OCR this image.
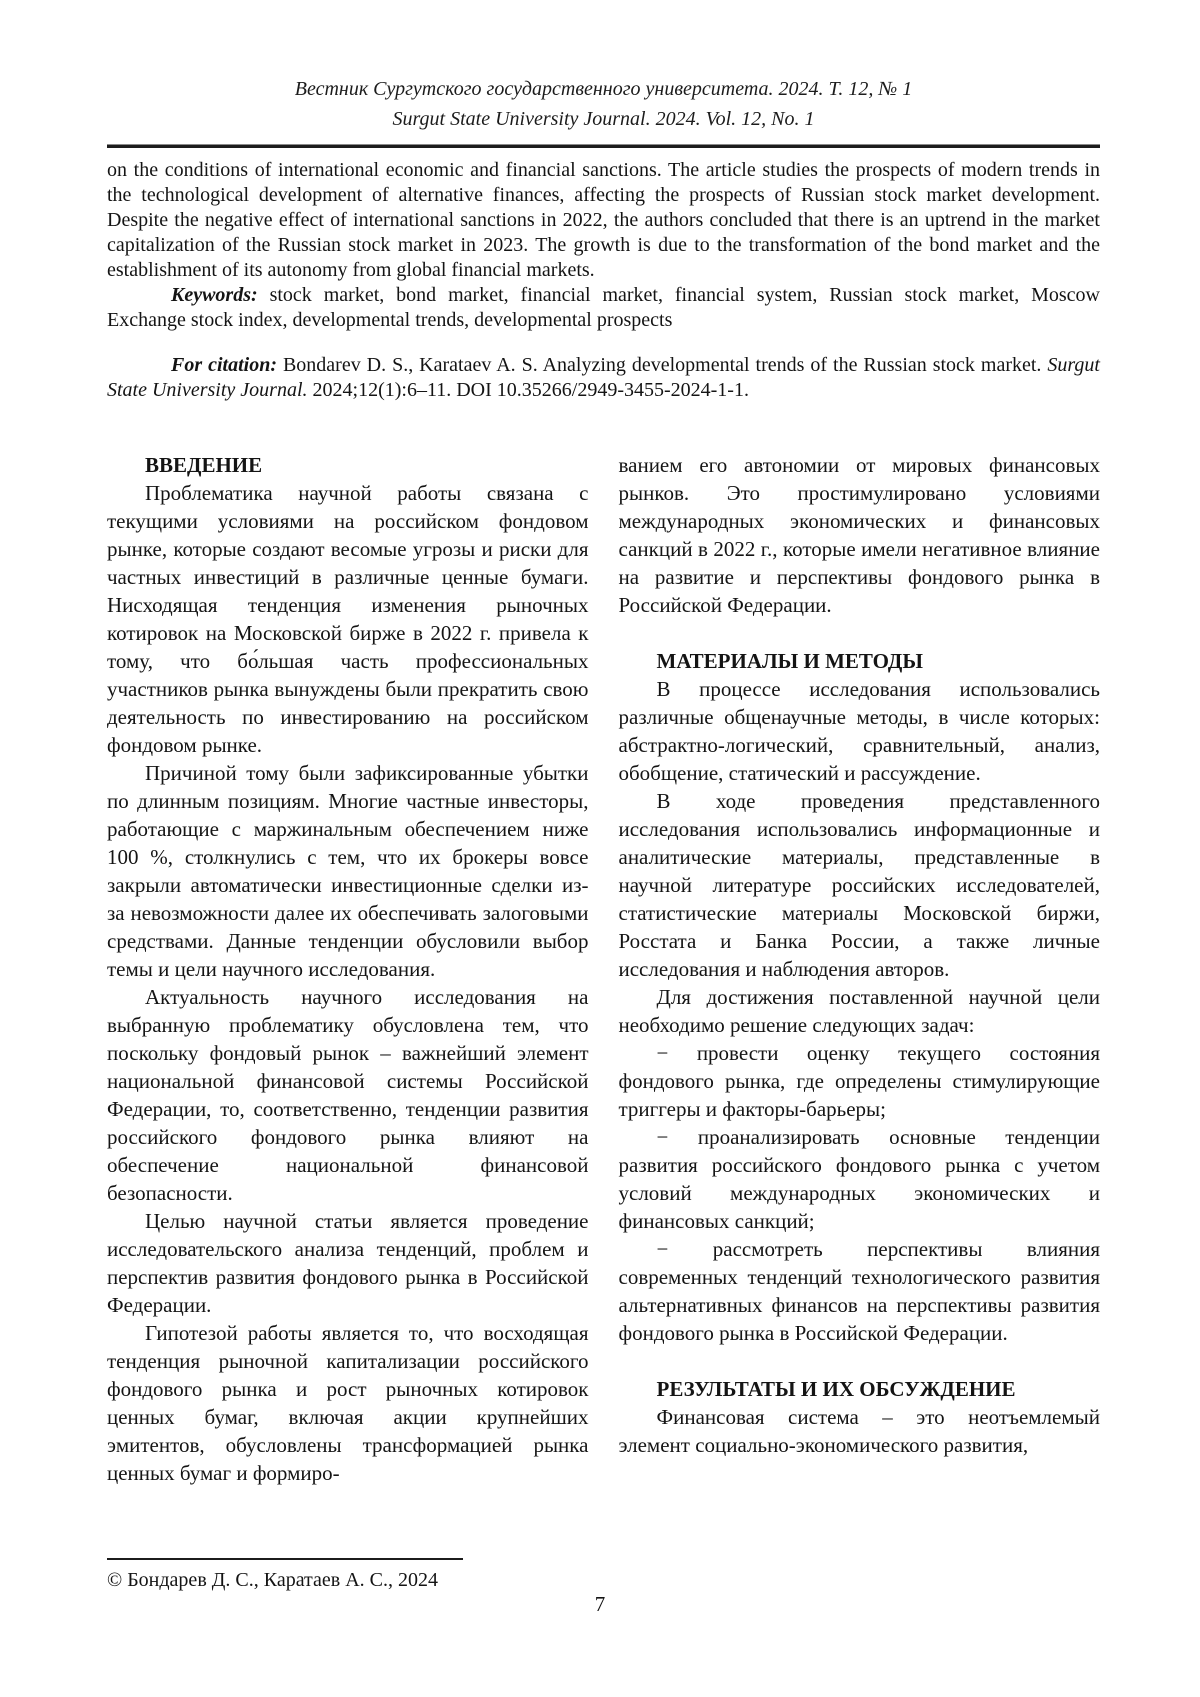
Вестник Сургутского государственного университета. 2024. Т. 12, № 1
Surgut State University Journal. 2024. Vol. 12, No. 1

on the conditions of international economic and financial sanctions. The article studies the prospects of modern trends in the technological development of alternative finances, affecting the prospects of Russian stock market development. Despite the negative effect of international sanctions in 2022, the authors concluded that there is an uptrend in the market capitalization of the Russian stock market in 2023. The growth is due to the transformation of the bond market and the establishment of its autonomy from global financial markets.

Keywords: stock market, bond market, financial market, financial system, Russian stock market, Moscow Exchange stock index, developmental trends, developmental prospects

For citation: Bondarev D. S., Karataev A. S. Analyzing developmental trends of the Russian stock market. Surgut State University Journal. 2024;12(1):6–11. DOI 10.35266/2949-3455-2024-1-1.

ВВЕДЕНИЕ

Проблематика научной работы связана с текущими условиями на российском фондовом рынке, которые создают весомые угрозы и риски для частных инвестиций в различные ценные бумаги. Нисходящая тенденция изменения рыночных котировок на Московской бирже в 2022 г. привела к тому, что бо́льшая часть профессиональных участников рынка вынуждены были прекратить свою деятельность по инвестированию на российском фондовом рынке.

Причиной тому были зафиксированные убытки по длинным позициям. Многие частные инвесторы, работающие с маржинальным обеспечением ниже 100 %, столкнулись с тем, что их брокеры вовсе закрыли автоматически инвестиционные сделки из-за невозможности далее их обеспечивать залоговыми средствами. Данные тенденции обусловили выбор темы и цели научного исследования.

Актуальность научного исследования на выбранную проблематику обусловлена тем, что поскольку фондовый рынок – важнейший элемент национальной финансовой системы Российской Федерации, то, соответственно, тенденции развития российского фондового рынка влияют на обеспечение национальной финансовой безопасности.

Целью научной статьи является проведение исследовательского анализа тенденций, проблем и перспектив развития фондового рынка в Российской Федерации.

Гипотезой работы является то, что восходящая тенденция рыночной капитализации российского фондового рынка и рост рыночных котировок ценных бумаг, включая акции крупнейших эмитентов, обусловлены трансформацией рынка ценных бумаг и формиро-

ванием его автономии от мировых финансовых рынков. Это простимулировано условиями международных экономических и финансовых санкций в 2022 г., которые имели негативное влияние на развитие и перспективы фондового рынка в Российской Федерации.

МАТЕРИАЛЫ И МЕТОДЫ

В процессе исследования использовались различные общенаучные методы, в числе которых: абстрактно-логический, сравнительный, анализ, обобщение, статический и рассуждение.

В ходе проведения представленного исследования использовались информационные и аналитические материалы, представленные в научной литературе российских исследователей, статистические материалы Московской биржи, Росстата и Банка России, а также личные исследования и наблюдения авторов.

Для достижения поставленной научной цели необходимо решение следующих задач:

− провести оценку текущего состояния фондового рынка, где определены стимулирующие триггеры и факторы-барьеры;

− проанализировать основные тенденции развития российского фондового рынка с учетом условий международных экономических и финансовых санкций;

− рассмотреть перспективы влияния современных тенденций технологического развития альтернативных финансов на перспективы развития фондового рынка в Российской Федерации.

РЕЗУЛЬТАТЫ И ИХ ОБСУЖДЕНИЕ

Финансовая система – это неотъемлемый элемент социально-экономического развития,

© Бондарев Д. С., Каратаев А. С., 2024
7
